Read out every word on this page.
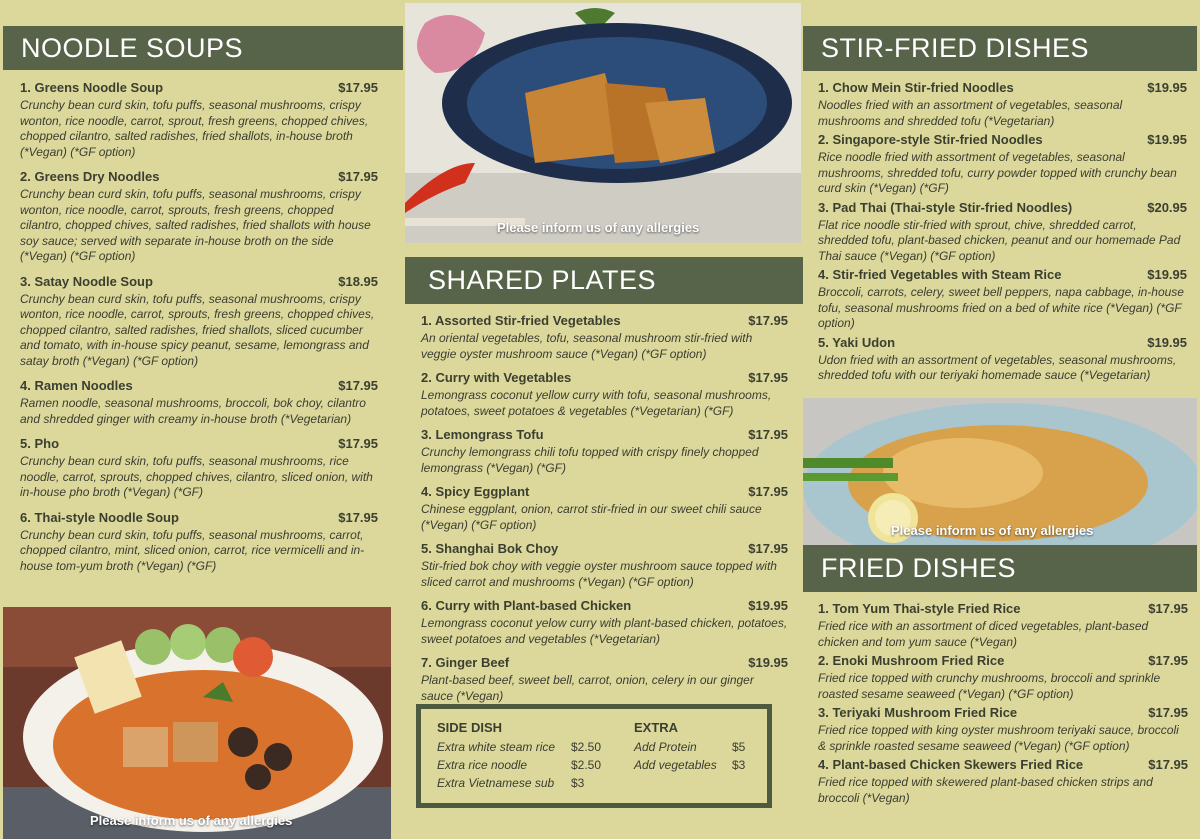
NOODLE SOUPS
1. Greens Noodle Soup	$17.95
Crunchy bean curd skin, tofu puffs, seasonal mushrooms, crispy wonton, rice noodle, carrot, sprout, fresh greens, chopped chives, chopped cilantro, salted radishes, fried shallots, in-house broth (*Vegan) (*GF option)
2. Greens Dry Noodles	$17.95
Crunchy bean curd skin, tofu puffs, seasonal mushrooms, crispy wonton, rice noodle, carrot, sprouts, fresh greens, chopped cilantro, chopped chives, salted radishes, fried shallots with house soy sauce; served with separate in-house broth on the side (*Vegan) (*GF option)
3. Satay Noodle Soup	$18.95
Crunchy bean curd skin, tofu puffs, seasonal mushrooms, crispy wonton, rice noodle, carrot, sprouts, fresh greens, chopped chives, chopped cilantro, salted radishes, fried shallots, sliced cucumber and tomato, with in-house spicy peanut, sesame, lemongrass and satay broth (*Vegan) (*GF option)
4. Ramen Noodles	$17.95
Ramen noodle, seasonal mushrooms, broccoli, bok choy, cilantro and shredded ginger with creamy in-house broth (*Vegetarian)
5. Pho	$17.95
Crunchy bean curd skin, tofu puffs, seasonal mushrooms, rice noodle, carrot, sprouts, chopped chives, cilantro, sliced onion, with in-house pho broth (*Vegan) (*GF)
6. Thai-style Noodle Soup	$17.95
Crunchy bean curd skin, tofu puffs, seasonal mushrooms, carrot, chopped cilantro, mint, sliced onion, carrot, rice vermicelli and in-house tom-yum broth (*Vegan) (*GF)
Please inform us of any allergies
Please inform us of any allergies
SHARED PLATES
1. Assorted Stir-fried Vegetables	$17.95
An oriental vegetables, tofu, seasonal mushroom stir-fried with veggie oyster mushroom sauce (*Vegan) (*GF option)
2. Curry with Vegetables	$17.95
Lemongrass coconut yellow curry with tofu, seasonal mushrooms, potatoes, sweet potatoes & vegetables (*Vegetarian) (*GF)
3. Lemongrass Tofu	$17.95
Crunchy lemongrass chili tofu topped with crispy finely chopped lemongrass (*Vegan) (*GF)
4. Spicy Eggplant	$17.95
Chinese eggplant, onion, carrot stir-fried in our sweet chili sauce (*Vegan) (*GF option)
5. Shanghai Bok Choy	$17.95
Stir-fried bok choy with veggie oyster mushroom sauce topped with sliced carrot and mushrooms (*Vegan) (*GF option)
6. Curry with Plant-based Chicken	$19.95
Lemongrass coconut yelow curry with plant-based chicken, potatoes, sweet potatoes and vegetables (*Vegetarian)
7. Ginger Beef	$19.95
Plant-based beef, sweet bell, carrot, onion, celery in our ginger sauce (*Vegan)
SIDE DISH
Extra white steam rice	$2.50
Extra rice noodle	$2.50
Extra Vietnamese sub	$3
EXTRA
Add Protein	$5
Add vegetables	$3
STIR-FRIED DISHES
1. Chow Mein Stir-fried Noodles	$19.95
Noodles fried with an assortment of vegetables, seasonal mushrooms and shredded tofu (*Vegetarian)
2. Singapore-style Stir-fried Noodles	$19.95
Rice noodle fried with assortment of vegetables, seasonal mushrooms, shredded tofu, curry powder topped with crunchy bean curd skin (*Vegan) (*GF)
3. Pad Thai (Thai-style Stir-fried Noodles)	$20.95
Flat rice noodle stir-fried with sprout, chive, shredded carrot, shredded tofu, plant-based chicken, peanut and our homemade Pad Thai sauce (*Vegan) (*GF option)
4. Stir-fried Vegetables with Steam Rice	$19.95
Broccoli, carrots, celery, sweet bell peppers, napa cabbage, in-house tofu, seasonal mushrooms fried on a bed of white rice (*Vegan) (*GF option)
5. Yaki Udon	$19.95
Udon fried with an assortment of vegetables, seasonal mushrooms, shredded tofu with our teriyaki homemade sauce (*Vegetarian)
Please inform us of any allergies
FRIED DISHES
1. Tom Yum Thai-style Fried Rice	$17.95
Fried rice with an assortment of diced vegetables, plant-based chicken and tom yum sauce (*Vegan)
2. Enoki Mushroom Fried Rice	$17.95
Fried rice topped with crunchy mushrooms, broccoli and sprinkle roasted sesame seaweed (*Vegan) (*GF option)
3. Teriyaki Mushroom Fried Rice	$17.95
Fried rice topped with king oyster mushroom teriyaki sauce, broccoli & sprinkle roasted sesame seaweed (*Vegan) (*GF option)
4. Plant-based Chicken Skewers Fried Rice	$17.95
Fried rice topped with skewered plant-based chicken strips and broccoli (*Vegan)
